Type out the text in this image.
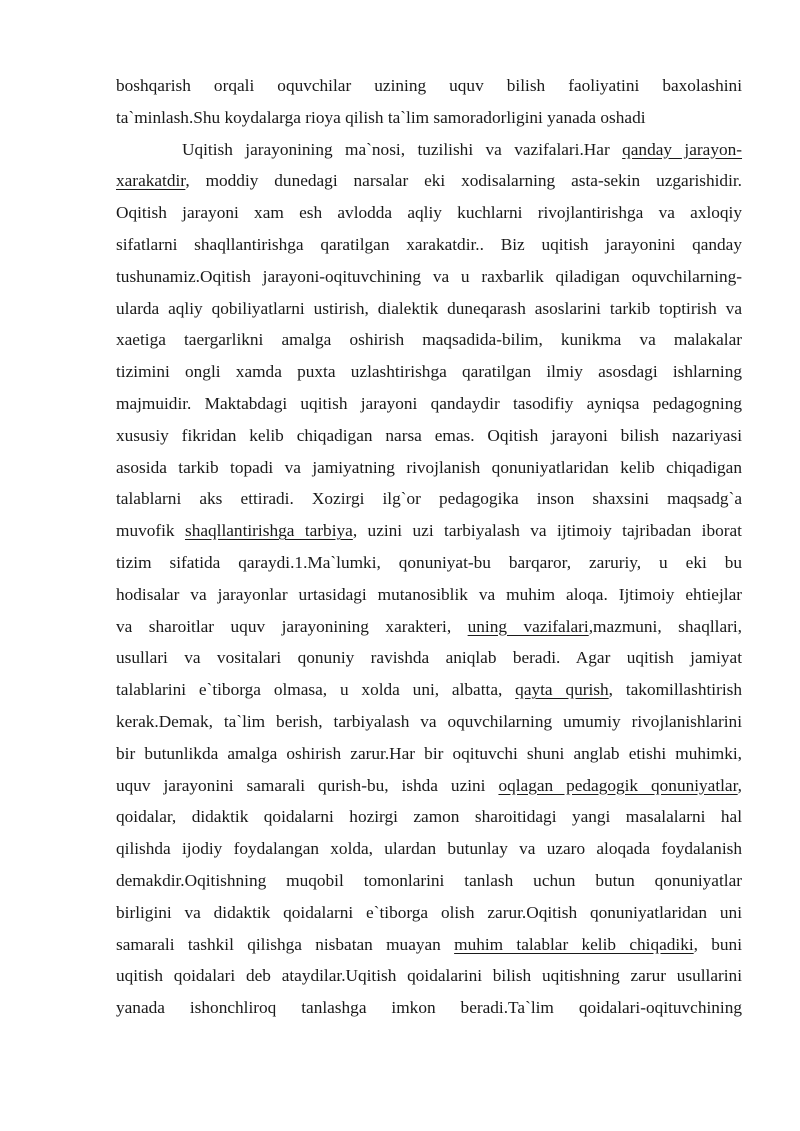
boshqarish orqali oquvchilar uzining uquv bilish faoliyatini baxolashini
ta`minlash.Shu koydalarga rioya qilish ta`lim samoradorligini yanada oshadi
Uqitish jarayonining ma`nosi, tuzilishi va vazifalari.Har qanday jarayon-
xarakatdir, moddiy dunedagi narsalar eki xodisalarning asta-sekin uzgarishidir.
Oqitish jarayoni xam esh avlodda aqliy kuchlarni rivojlantirishga va axloqiy
sifatlarni shaqllantirishga qaratilgan xarakatdir.. Biz uqitish jarayonini qanday
tushunamiz.Oqitish jarayoni-oqituvchining va u raxbarlik qiladigan oquvchilarning-
ularda aqliy qobiliyatlarni ustirish, dialektik duneqarash asoslarini tarkib toptirish va
xaetiga taergarlikni amalga oshirish maqsadida-bilim, kunikma va malakalar
tizimini ongli xamda puxta uzlashtirishga qaratilgan ilmiy asosdagi ishlarning
majmuidir. Maktabdagi uqitish jarayoni qandaydir tasodifiy ayniqsa pedagogning
xususiy fikridan kelib chiqadigan narsa emas. Oqitish jarayoni bilish nazariyasi
asosida tarkib topadi va jamiyatning rivojlanish qonuniyatlaridan kelib chiqadigan
talablarni aks ettiradi. Xozirgi ilg`or pedagogika inson shaxsini maqsadg`a
muvofik shaqllantirishga tarbiya, uzini uzi tarbiyalash va ijtimoiy tajribadan iborat
tizim sifatida qaraydi.1.Ma`lumki, qonuniyat-bu barqaror, zaruriy, u eki bu
hodisalar va jarayonlar urtasidagi mutanosiblik va muhim aloqa. Ijtimoiy ehtiejlar
va sharoitlar uquv jarayonining xarakteri, uning vazifalari,mazmuni, shaqllari,
usullari va vositalari qonuniy ravishda aniqlab beradi. Agar uqitish jamiyat
talablarini e`tiborga olmasa, u xolda uni, albatta, qayta qurish, takomillashtirish
kerak.Demak, ta`lim berish, tarbiyalash va oquvchilarning umumiy rivojlanishlarini
bir butunlikda amalga oshirish zarur.Har bir oqituvchi shuni anglab etishi muhimki,
uquv jarayonini samarali qurish-bu, ishda uzini oqlagan pedagogik qonuniyatlar,
qoidalar, didaktik qoidalarni hozirgi zamon sharoitidagi yangi masalalarni hal
qilishda ijodiy foydalangan xolda, ulardan butunlay va uzaro aloqada foydalanish
demakdir.Oqitishning muqobil tomonlarini tanlash uchun butun qonuniyatlar
birligini va didaktik qoidalarni e`tiborga olish zarur.Oqitish qonuniyatlaridan uni
samarali tashkil qilishga nisbatan muayan muhim talablar kelib chiqadiki, buni
uqitish qoidalari deb ataydilar.Uqitish qoidalarini bilish uqitishning zarur usullarini
yanada ishonchliroq tanlashga imkon beradi.Ta`lim qoidalari-oqituvchining
